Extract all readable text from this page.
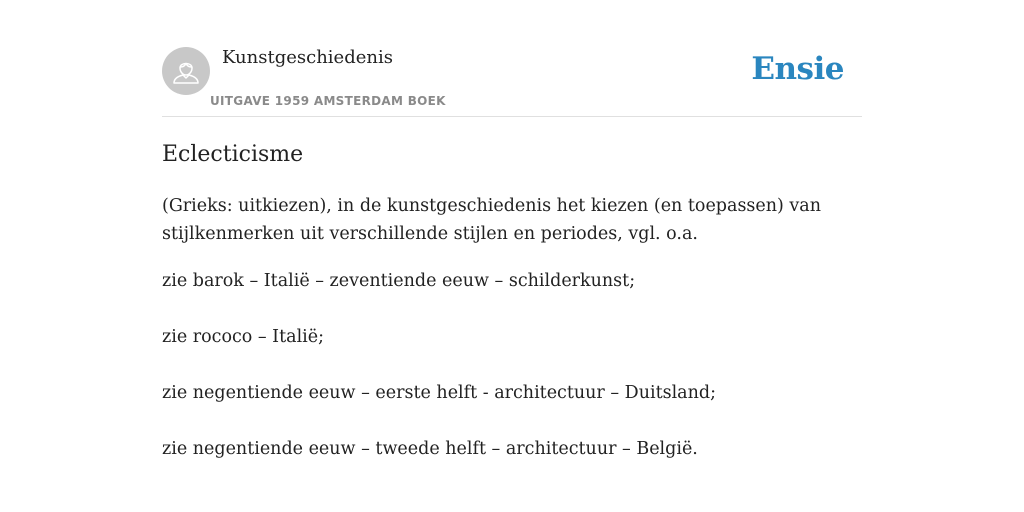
Kunstgeschiedenis
UITGAVE 1959 AMSTERDAM BOEK
Ensie
Eclecticisme

(Grieks: uitkiezen), in de kunstgeschiedenis het kiezen (en toepassen) van stijlkenmerken uit verschillende stijlen en periodes, vgl. o.a.

zie barok – Italië – zeventiende eeuw – schilderkunst;

zie rococo – Italië;

zie negentiende eeuw – eerste helft - architectuur – Duitsland;

zie negentiende eeuw – tweede helft – architectuur – België.
